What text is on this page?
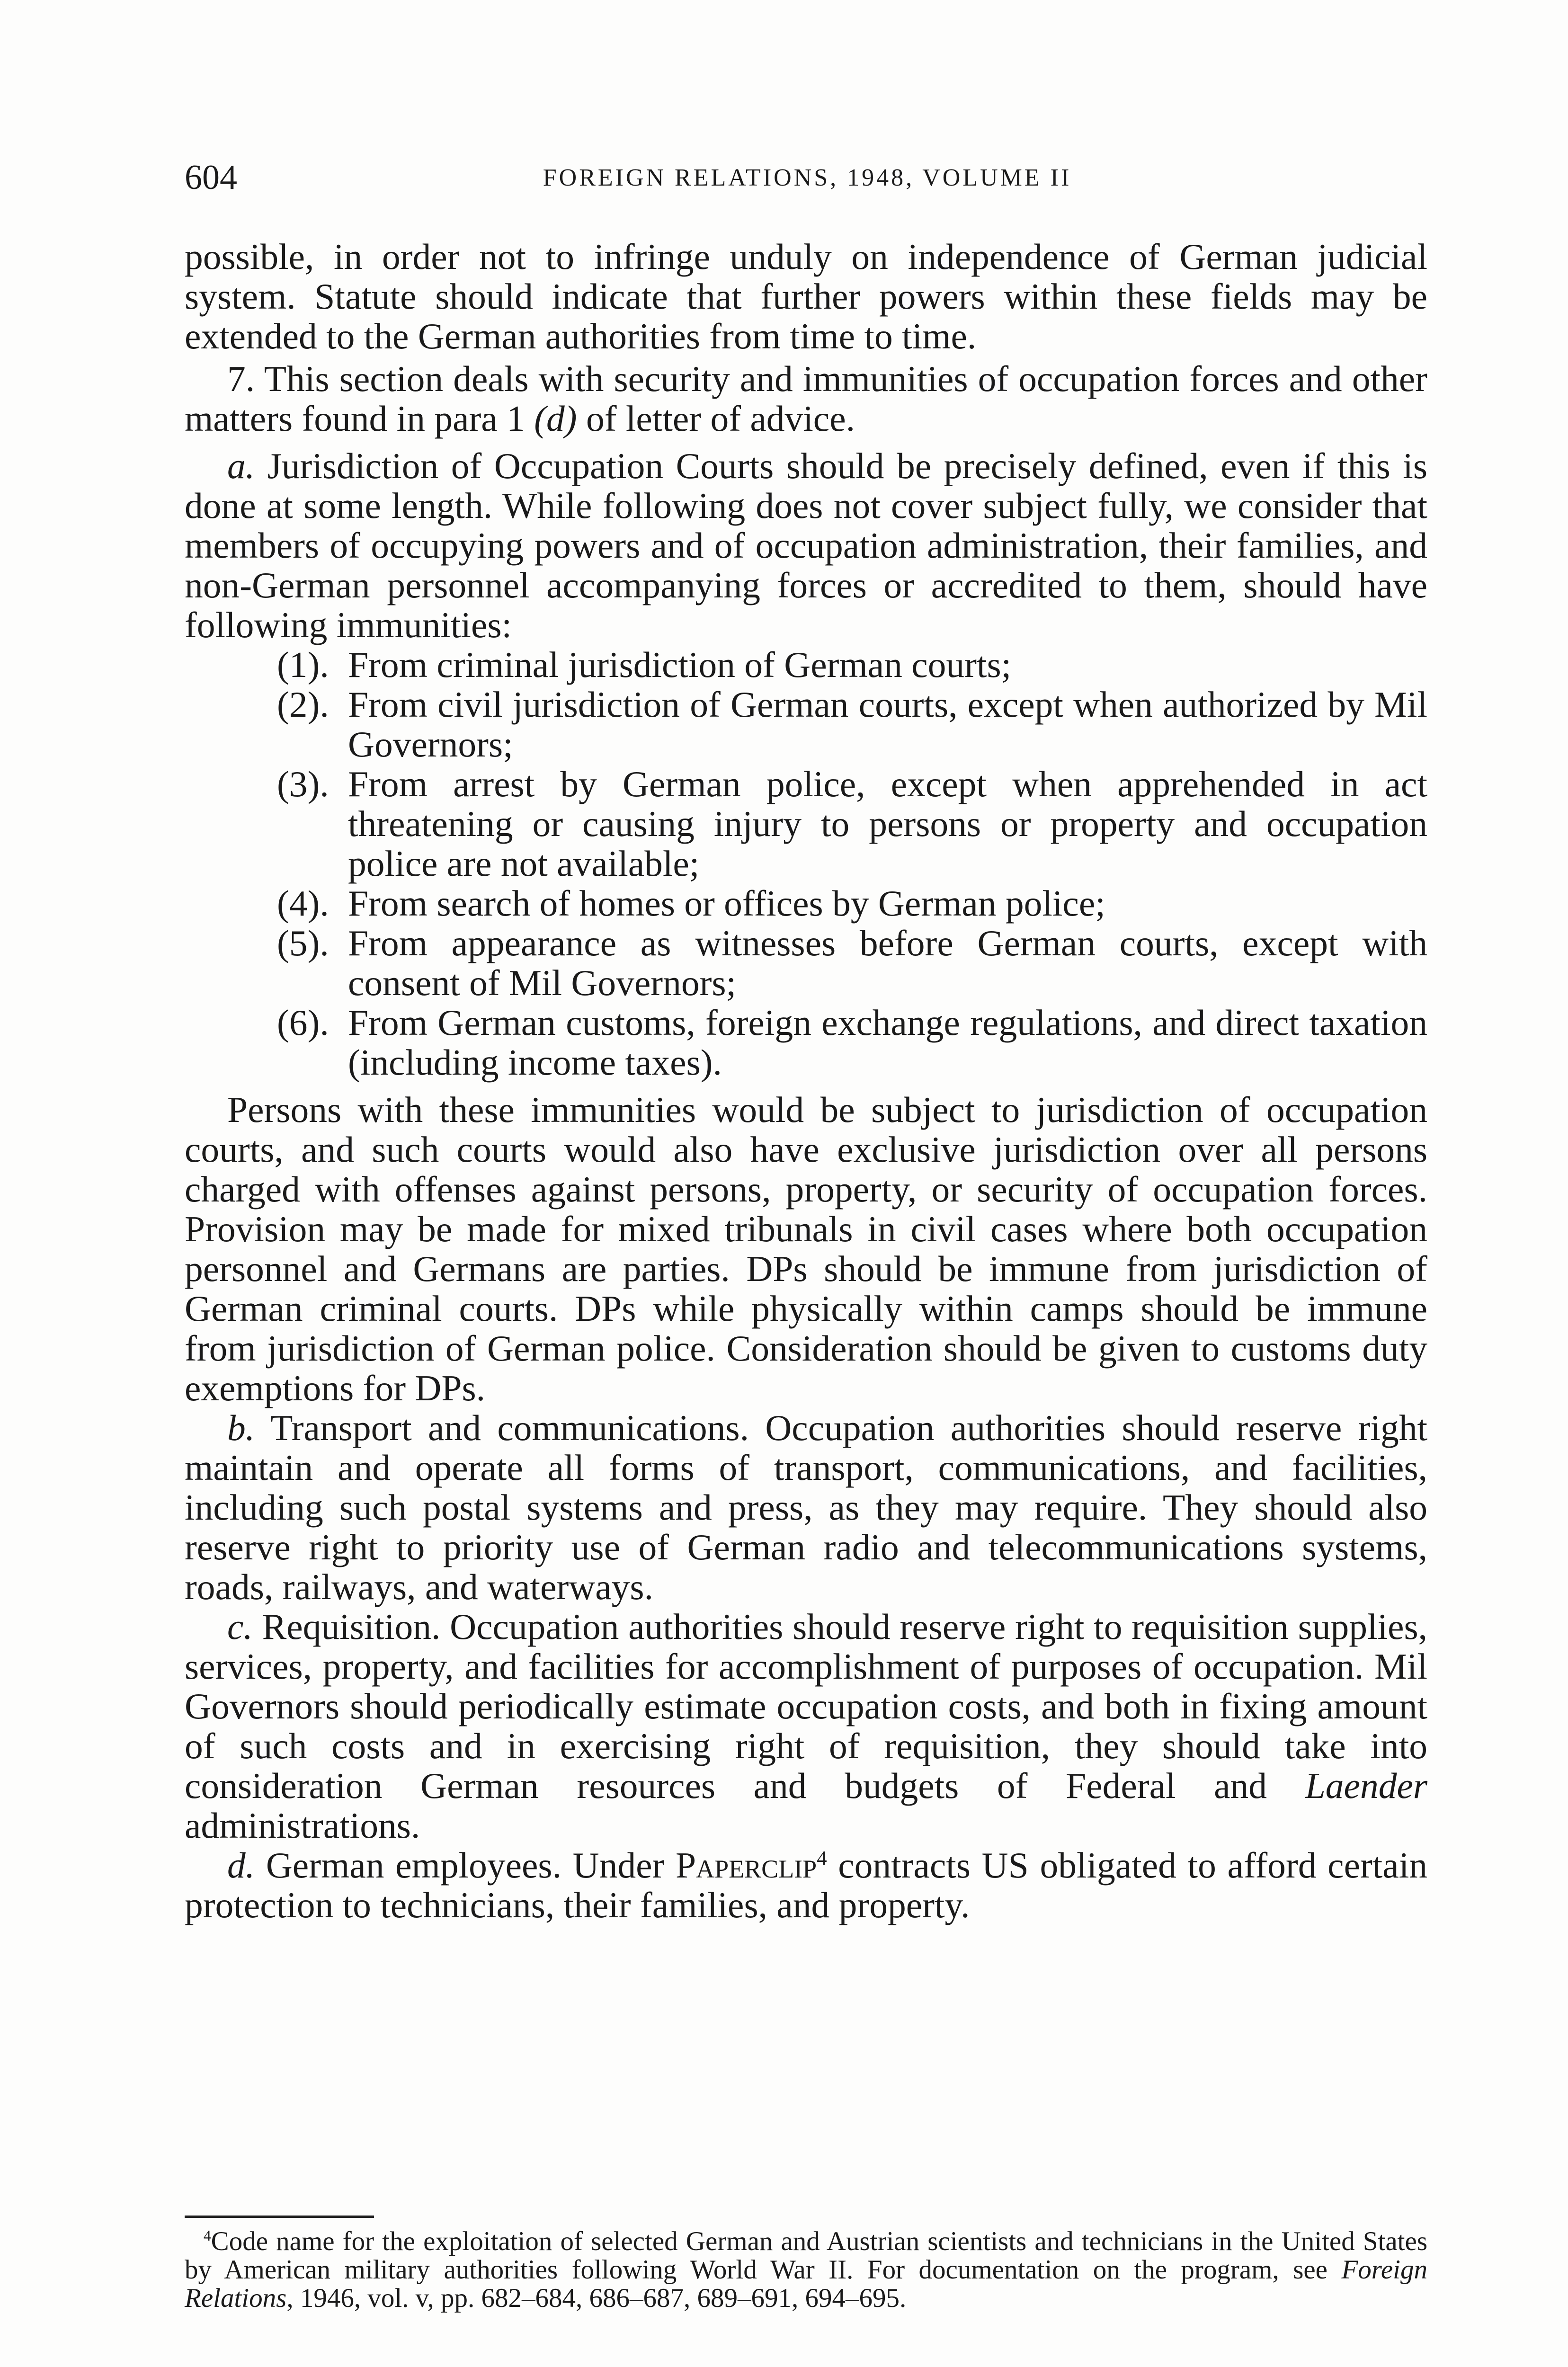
604	FOREIGN RELATIONS, 1948, VOLUME II

possible, in order not to infringe unduly on independence of German judicial system. Statute should indicate that further powers within these fields may be extended to the German authorities from time to time.

7. This section deals with security and immunities of occupation forces and other matters found in para 1 (d) of letter of advice.

a. Jurisdiction of Occupation Courts should be precisely defined, even if this is done at some length. While following does not cover subject fully, we consider that members of occupying powers and of occupation administration, their families, and non-German personnel accompanying forces or accredited to them, should have following immunities:

(1). From criminal jurisdiction of German courts;
(2). From civil jurisdiction of German courts, except when authorized by Mil Governors;
(3). From arrest by German police, except when apprehended in act threatening or causing injury to persons or property and occupation police are not available;
(4). From search of homes or offices by German police;
(5). From appearance as witnesses before German courts, except with consent of Mil Governors;
(6). From German customs, foreign exchange regulations, and direct taxation (including income taxes).

Persons with these immunities would be subject to jurisdiction of occupation courts, and such courts would also have exclusive jurisdiction over all persons charged with offenses against persons, property, or security of occupation forces. Provision may be made for mixed tribunals in civil cases where both occupation personnel and Germans are parties. DPs should be immune from jurisdiction of German criminal courts. DPs while physically within camps should be immune from jurisdiction of German police. Consideration should be given to customs duty exemptions for DPs.

b. Transport and communications. Occupation authorities should reserve right maintain and operate all forms of transport, communications, and facilities, including such postal systems and press, as they may require. They should also reserve right to priority use of German radio and telecommunications systems, roads, railways, and waterways.

c. Requisition. Occupation authorities should reserve right to requisition supplies, services, property, and facilities for accomplishment of purposes of occupation. Mil Governors should periodically estimate occupation costs, and both in fixing amount of such costs and in exercising right of requisition, they should take into consideration German resources and budgets of Federal and Laender administrations.

d. German employees. Under Paperclip$^4$ contracts US obligated to afford certain protection to technicians, their families, and property.

$^4$Code name for the exploitation of selected German and Austrian scientists and technicians in the United States by American military authorities following World War II. For documentation on the program, see Foreign Relations, 1946, vol. v, pp. 682–684, 686–687, 689–691, 694–695.
